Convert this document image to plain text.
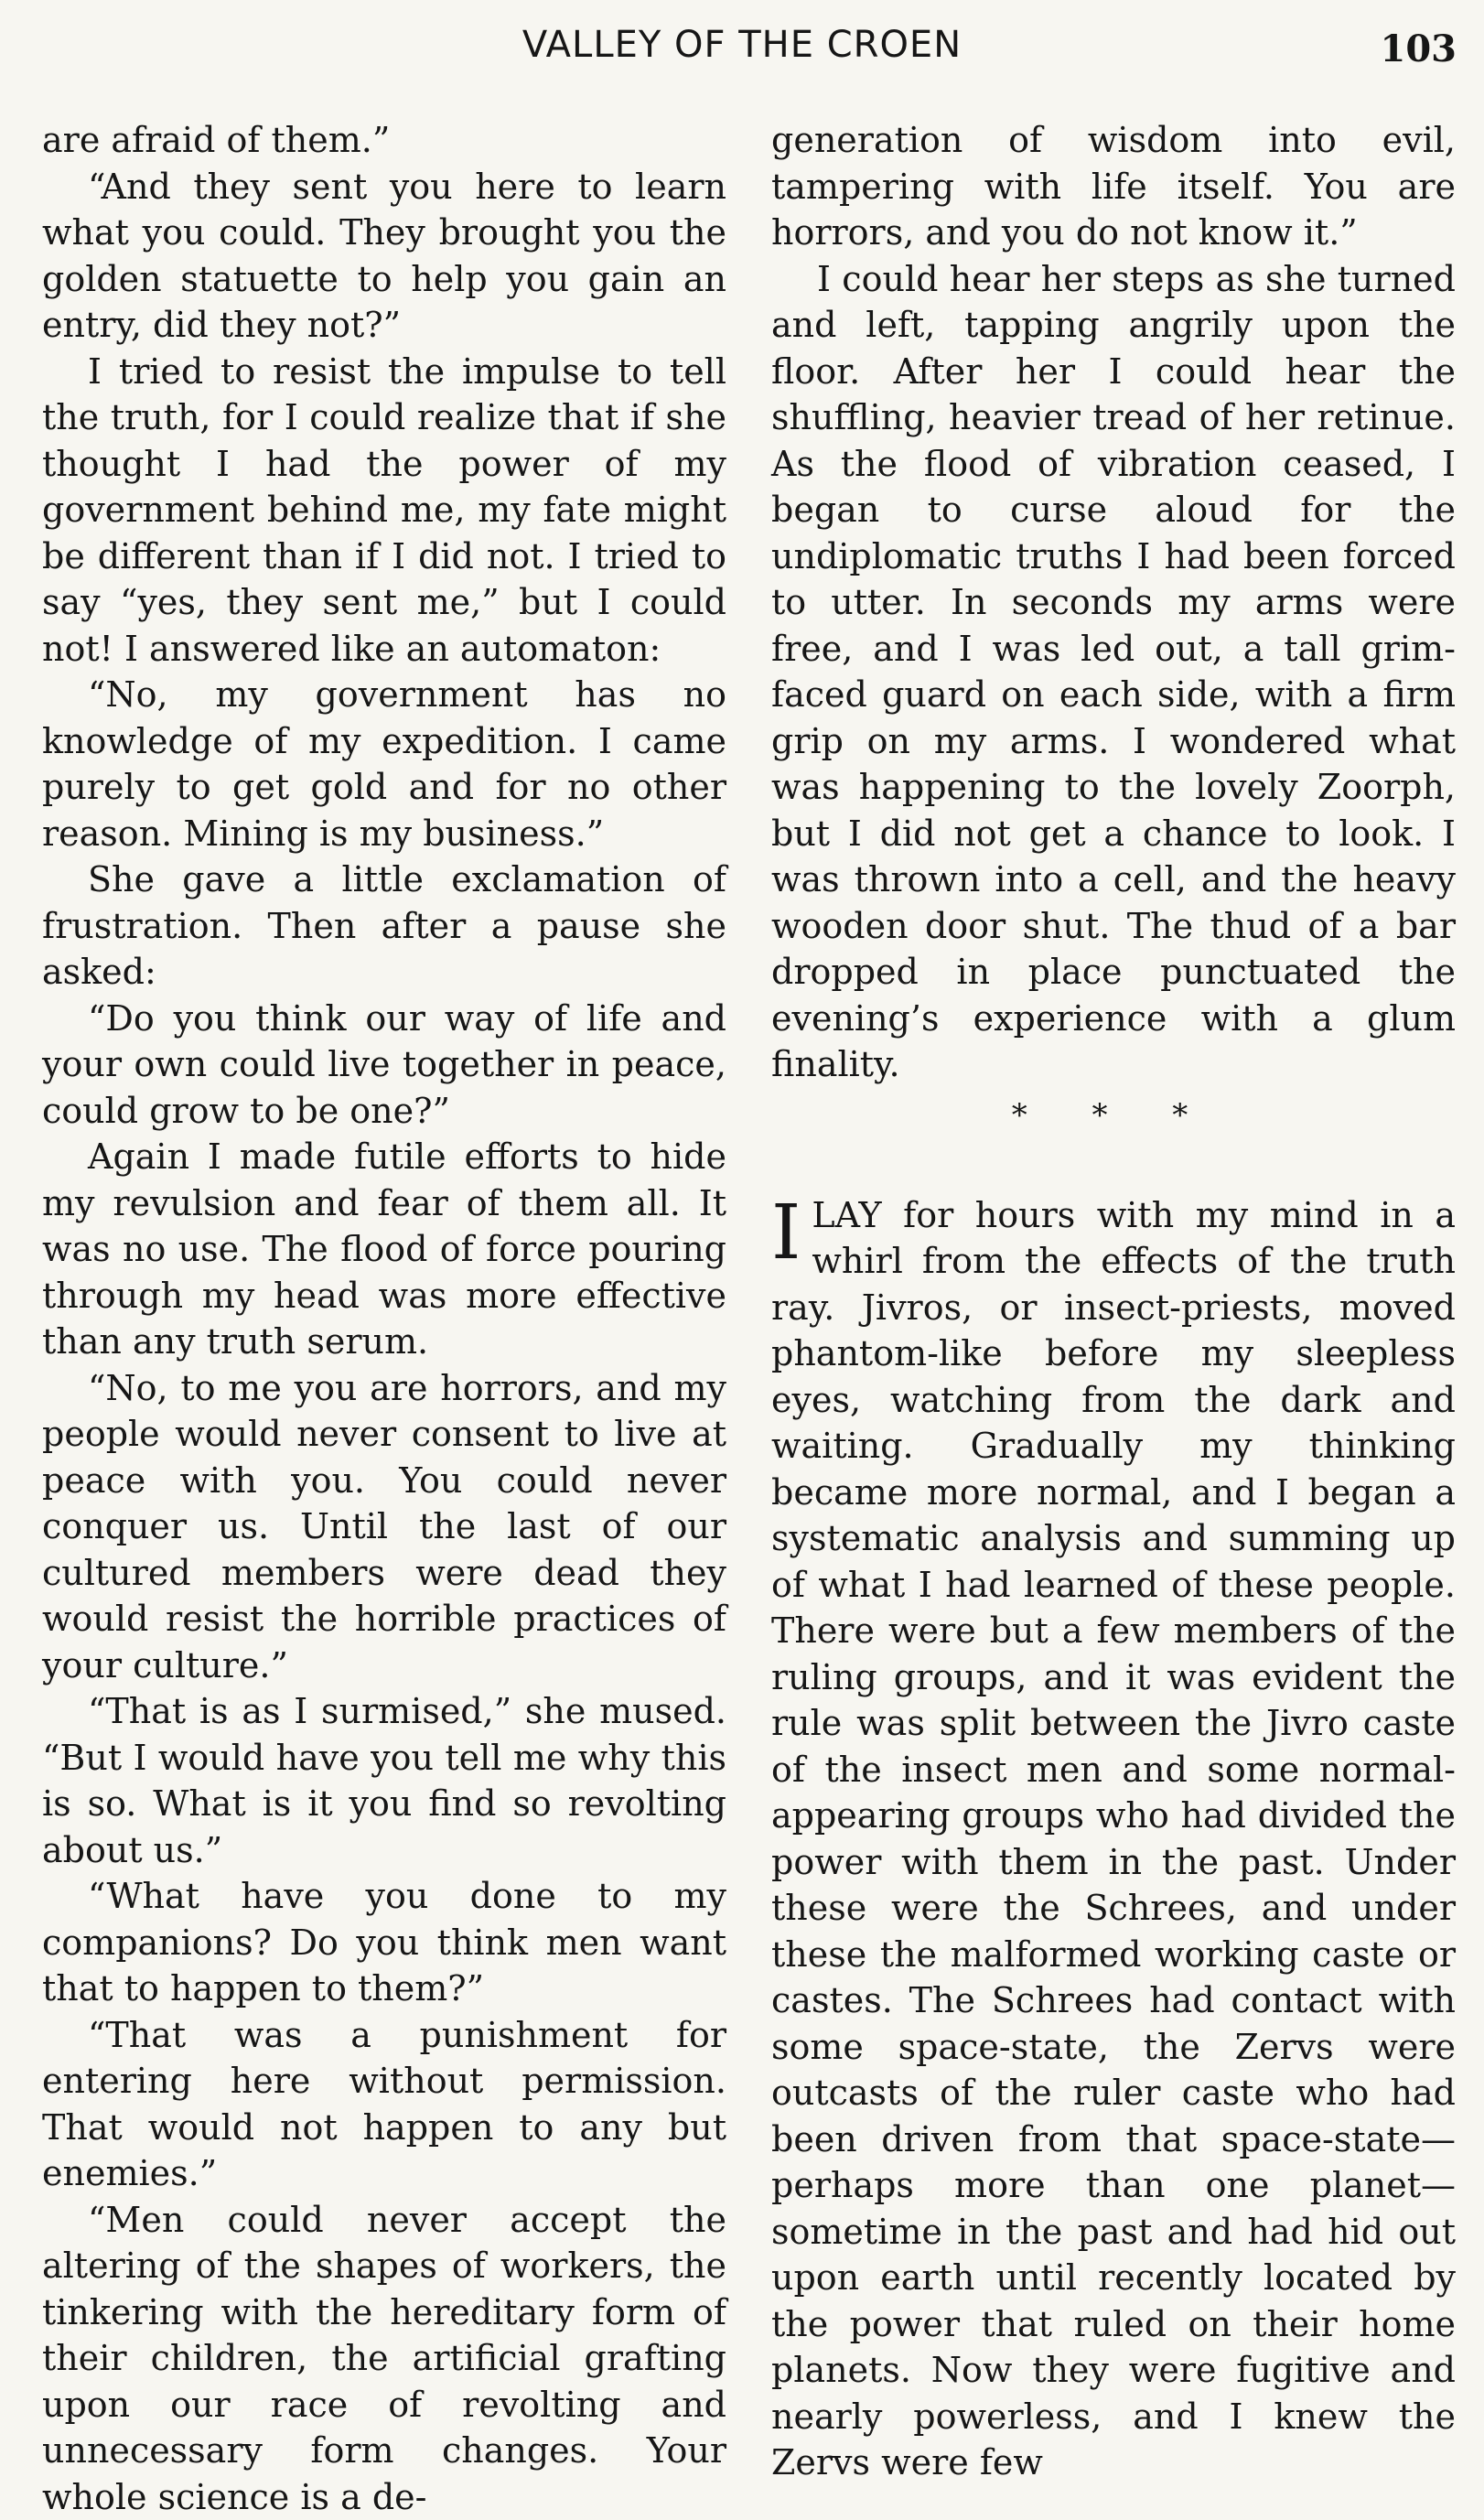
VALLEY OF THE CROEN	103

are afraid of them.”

“And they sent you here to learn what you could. They brought you the golden statuette to help you gain an entry, did they not?”

I tried to resist the impulse to tell the truth, for I could realize that if she thought I had the power of my government behind me, my fate might be different than if I did not. I tried to say “yes, they sent me,” but I could not! I answered like an automaton:

“No, my government has no knowledge of my expedition. I came purely to get gold and for no other reason. Mining is my business.”

She gave a little exclamation of frustration. Then after a pause she asked:

“Do you think our way of life and your own could live together in peace, could grow to be one?”

Again I made futile efforts to hide my revulsion and fear of them all. It was no use. The flood of force pouring through my head was more effective than any truth serum.

“No, to me you are horrors, and my people would never consent to live at peace with you. You could never conquer us. Until the last of our cultured members were dead they would resist the horrible practices of your culture.”

“That is as I surmised,” she mused. “But I would have you tell me why this is so. What is it you find so revolting about us.”

“What have you done to my companions? Do you think men want that to happen to them?”

“That was a punishment for entering here without permission. That would not happen to any but enemies.”

“Men could never accept the altering of the shapes of workers, the tinkering with the hereditary form of their children, the artificial grafting upon our race of revolting and unnecessary form changes. Your whole science is a de-

generation of wisdom into evil, tampering with life itself. You are horrors, and you do not know it.”

I could hear her steps as she turned and left, tapping angrily upon the floor. After her I could hear the shuffling, heavier tread of her retinue. As the flood of vibration ceased, I began to curse aloud for the undiplomatic truths I had been forced to utter. In seconds my arms were free, and I was led out, a tall grim-faced guard on each side, with a firm grip on my arms. I wondered what was happening to the lovely Zoorph, but I did not get a chance to look. I was thrown into a cell, and the heavy wooden door shut. The thud of a bar dropped in place punctuated the evening’s experience with a glum finality.

* * *

I LAY for hours with my mind in a whirl from the effects of the truth ray. Jivros, or insect-priests, moved phantom-like before my sleepless eyes, watching from the dark and waiting. Gradually my thinking became more normal, and I began a systematic analysis and summing up of what I had learned of these people. There were but a few members of the ruling groups, and it was evident the rule was split between the Jivro caste of the insect men and some normal-appearing groups who had divided the power with them in the past. Under these were the Schrees, and under these the malformed working caste or castes. The Schrees had contact with some space-state, the Zervs were outcasts of the ruler caste who had been driven from that space-state—perhaps more than one planet—sometime in the past and had hid out upon earth until recently located by the power that ruled on their home planets. Now they were fugitive and nearly powerless, and I knew the Zervs were few
